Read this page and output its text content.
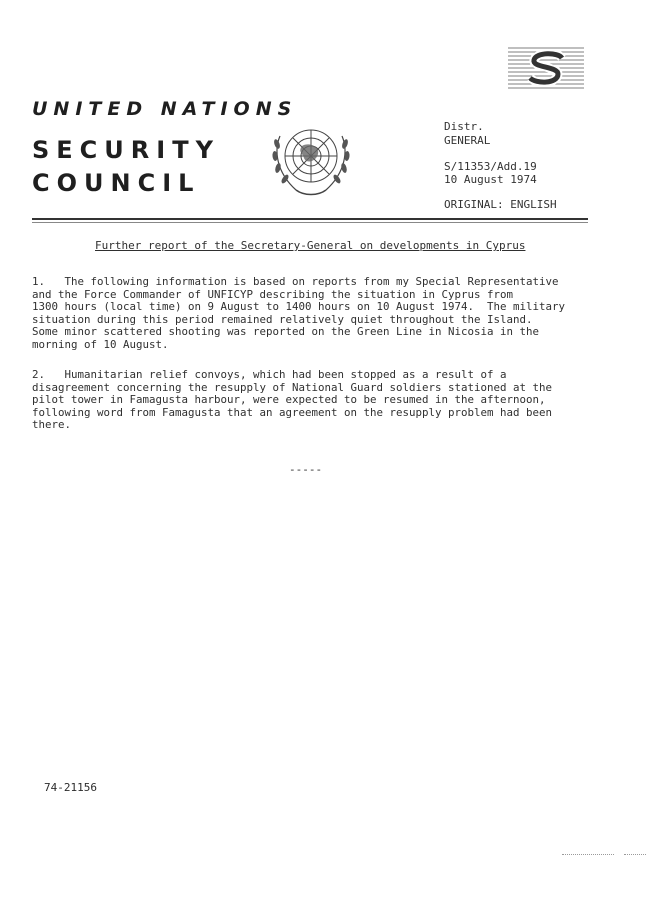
UNITED NATIONS
SECURITY
COUNCIL
Distr.
GENERAL
S/11353/Add.19
10 August 1974
ORIGINAL: ENGLISH
Further report of the Secretary-General on developments in Cyprus
1.   The following information is based on reports from my Special Representative
and the Force Commander of UNFICYP describing the situation in Cyprus from
1300 hours (local time) on 9 August to 1400 hours on 10 August 1974.  The military
situation during this period remained relatively quiet throughout the Island.
Some minor scattered shooting was reported on the Green Line in Nicosia in the
morning of 10 August.
2.   Humanitarian relief convoys, which had been stopped as a result of a
disagreement concerning the resupply of National Guard soldiers stationed at the
pilot tower in Famagusta harbour, were expected to be resumed in the afternoon,
following word from Famagusta that an agreement on the resupply problem had been
there.
-----
74-21156
